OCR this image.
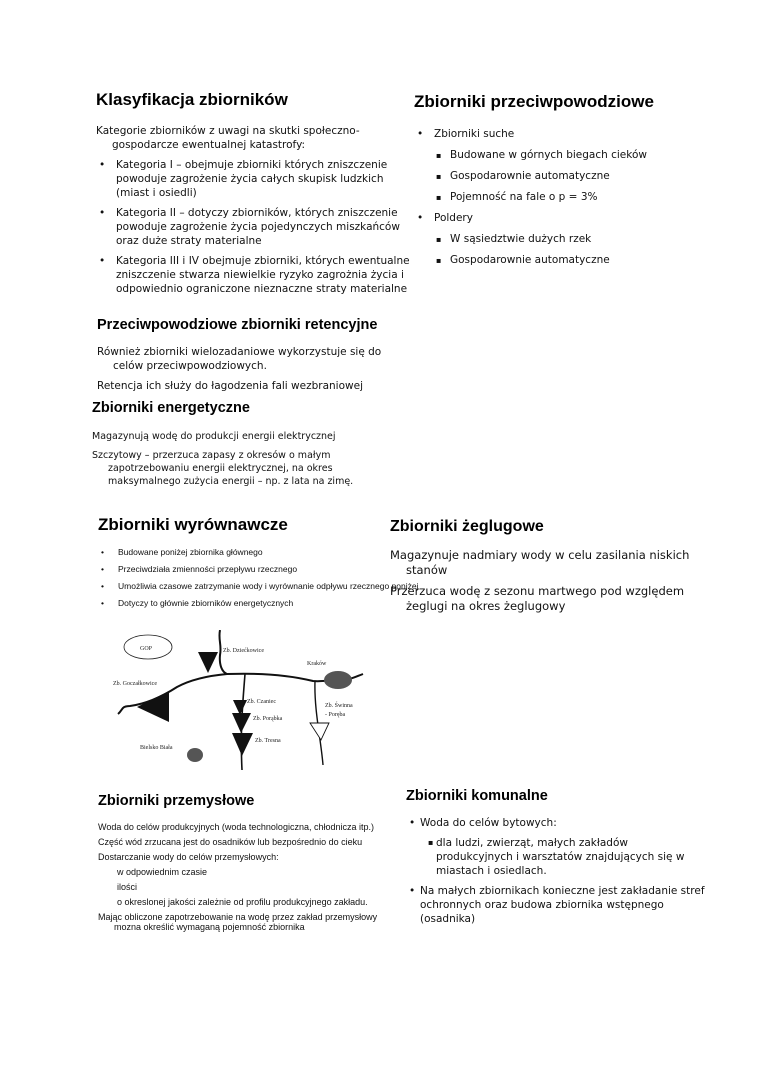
Klasyfikacja zbiorników

Kategorie zbiorników z uwagi na skutki społeczno-gospodarcze ewentualnej katastrofy:

• Kategoria I – obejmuje zbiorniki których zniszczenie powoduje zagrożenie życia całych skupisk ludzkich (miast i osiedli)
• Kategoria II – dotyczy zbiorników, których zniszczenie powoduje zagrożenie życia pojedynczych miszkańców oraz duże straty materialne
• Kategoria III i IV obejmuje zbiorniki, których ewentualne zniszczenie stwarza niewielkie ryzyko zagrożnia życia i odpowiednio ograniczone nieznaczne straty materialne
Zbiorniki przeciwpowodziowe
• Zbiorniki suche
▪ Budowane w górnych biegach cieków
▪ Gospodarownie automatyczne
▪ Pojemność na fale o p = 3%
• Poldery
▪ W sąsiedztwie dużych rzek
▪ Gospodarownie automatyczne
Przeciwpowodziowe zbiorniki retencyjne

Również zbiorniki wielozadaniowe wykorzystuje się do celów przeciwpowodziowych.

Retencja ich służy do łagodzenia fali wezbraniowej

Zbiorniki energetyczne

Magazynują wodę do produkcji energii elektrycznej

Szczytowy – przerzuca zapasy z okresów o małym zapotrzebowaniu energii elektrycznej, na okres maksymalnego zużycia energii – np. z lata na zimę.

Zbiorniki wyrównawcze
• Budowane poniżej zbiornika głównego
• Przeciwdziała zmienności przepływu rzecznego
• Umożliwia czasowe zatrzymanie wody i wyrównanie odpływu rzecznego poniżej
• Dotyczy to głównie zbiorników energetycznych
GOP	Zb. Dziećkowice
Kraków
Zb. Goczałkowice
Zb. Czaniec
Zb. Porąbka
Zb. Tresna
Zb. Świnna
- Poręba
Bielsko Biała
Zbiorniki żeglugowe

Magazynuje nadmiary wody w celu zasilania niskich stanów

Przerzuca wodę z sezonu martwego pod względem żeglugi na okres żeglugowy

Zbiorniki przemysłowe

Woda do celów produkcyjnych (woda technologiczna, chłodnicza itp.)

Część wód zrzucana jest do osadników lub bezpośrednio do cieku

Dostarczanie wody do celów przemysłowych:

w odpowiednim czasie

ilości

o okreslonej jakości zależnie od profilu produkcyjnego zakładu.

Mając obliczone zapotrzebowanie na wodę przez zakład przemysłowy mozna określić wymaganą pojemność zbiornika

Zbiorniki komunalne
• Woda do celów bytowych:
▪ dla ludzi, zwierząt, małych zakładów produkcyjnych i warsztatów znajdujących się w miastach i osiedlach.
• Na małych zbiornikach konieczne jest zakładanie stref ochronnych oraz budowa zbiornika wstępnego (osadnika)
